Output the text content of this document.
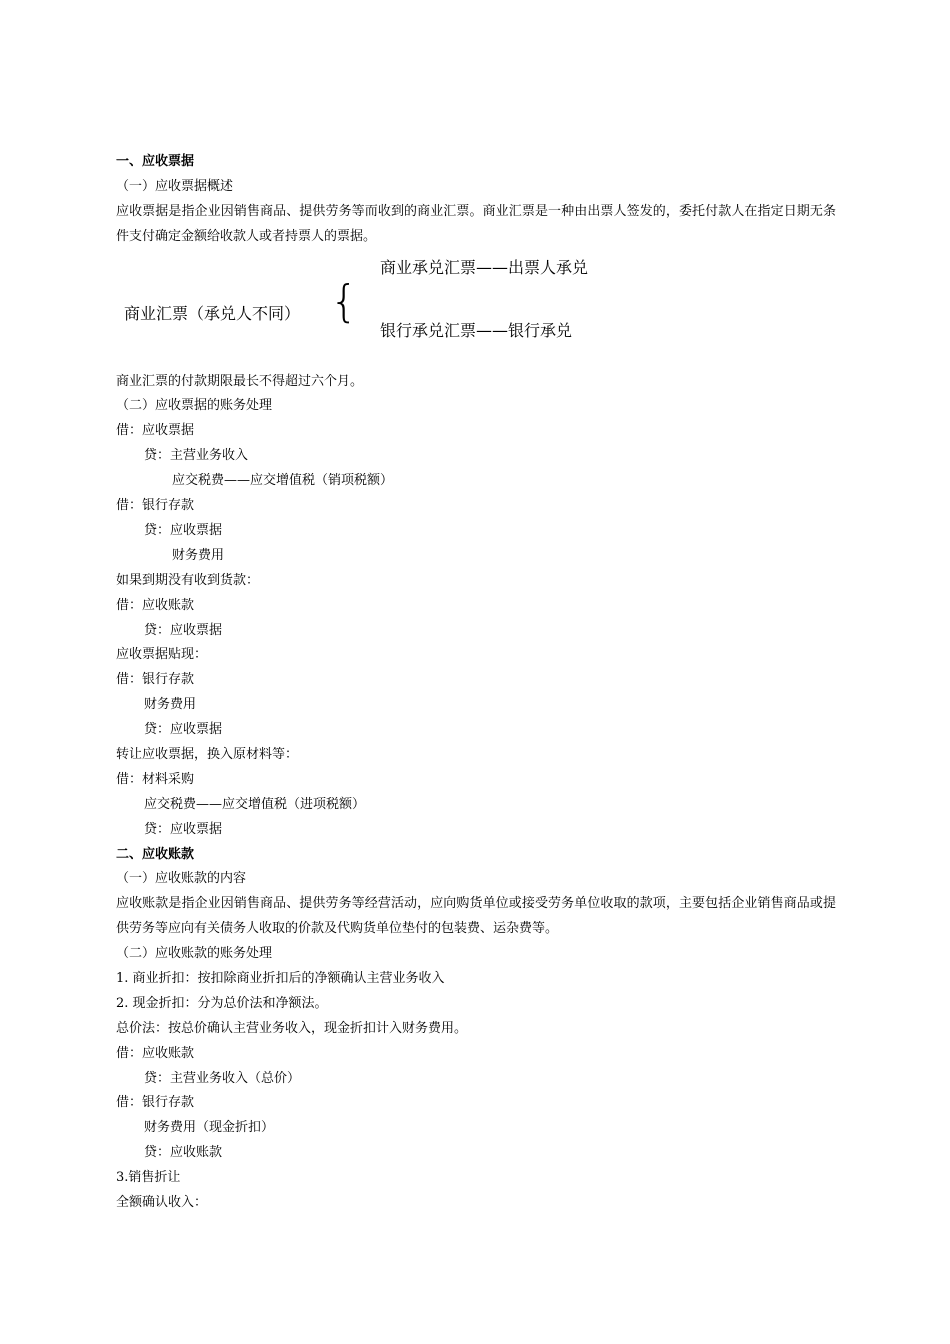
一、应收票据
（一）应收票据概述
应收票据是指企业因销售商品、提供劳务等而收到的商业汇票。商业汇票是一种由出票人签发的，委托付款人在指定日期无条件支付确定金额给收款人或者持票人的票据。
商业汇票（承兑人不同） {
商业承兑汇票——出票人承兑
银行承兑汇票——银行承兑
商业汇票的付款期限最长不得超过六个月。
（二）应收票据的账务处理
借：应收票据
贷：主营业务收入
应交税费——应交增值税（销项税额）
借：银行存款
贷：应收票据
财务费用
如果到期没有收到货款：
借：应收账款
贷：应收票据
应收票据贴现：
借：银行存款
财务费用
贷：应收票据
转让应收票据，换入原材料等：
借：材料采购
应交税费——应交增值税（进项税额）
贷：应收票据
二、应收账款
（一）应收账款的内容
应收账款是指企业因销售商品、提供劳务等经营活动，应向购货单位或接受劳务单位收取的款项，主要包括企业销售商品或提供劳务等应向有关债务人收取的价款及代购货单位垫付的包装费、运杂费等。
（二）应收账款的账务处理
1. 商业折扣：按扣除商业折扣后的净额确认主营业务收入
2. 现金折扣：分为总价法和净额法。
总价法：按总价确认主营业务收入，现金折扣计入财务费用。
借：应收账款
贷：主营业务收入（总价）
借：银行存款
财务费用（现金折扣）
贷：应收账款
3.销售折让
全额确认收入：
